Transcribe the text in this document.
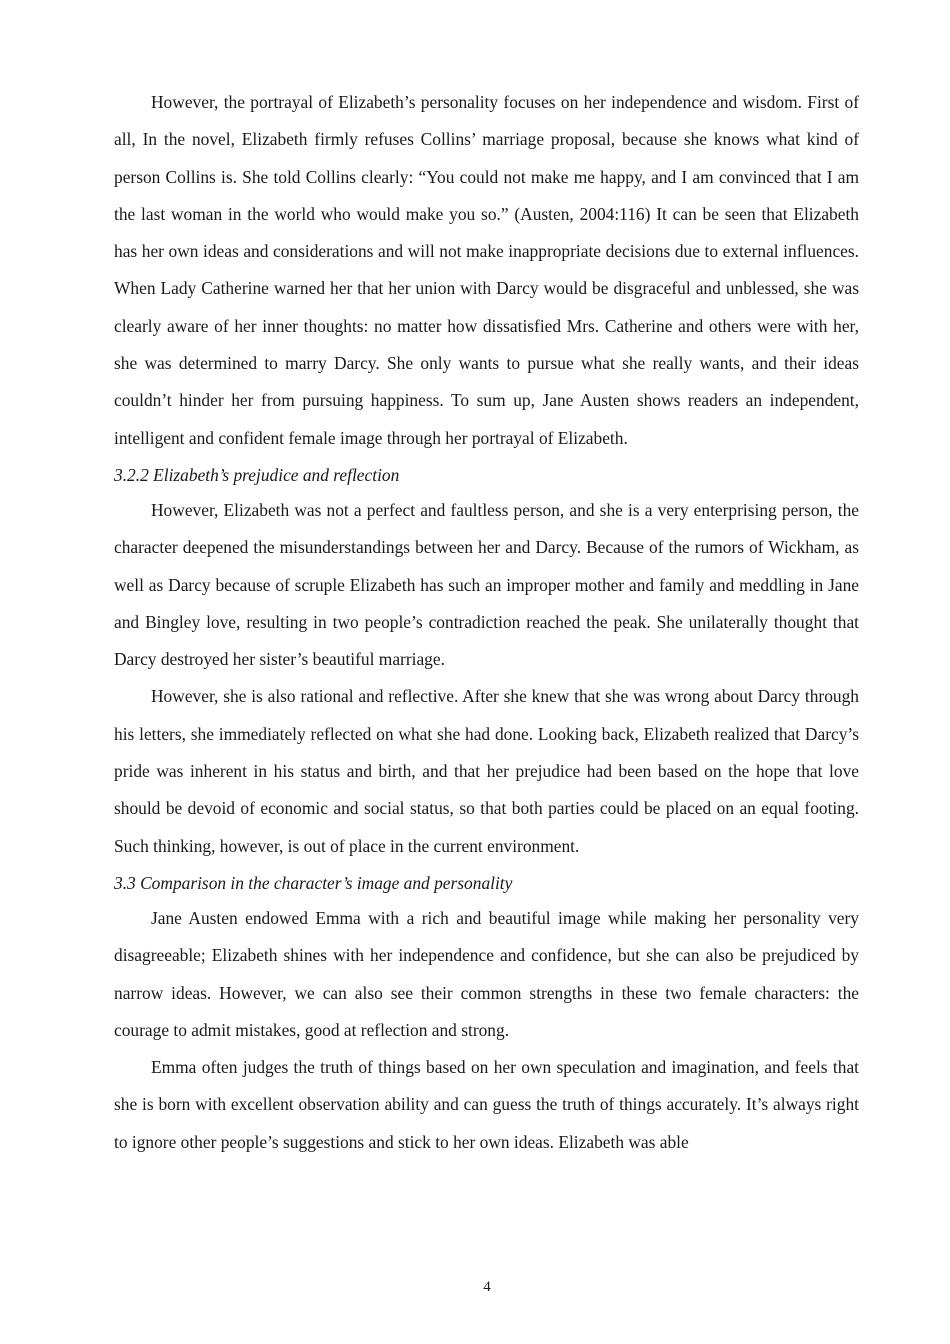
However, the portrayal of Elizabeth’s personality focuses on her independence and wisdom. First of all, In the novel, Elizabeth firmly refuses Collins’ marriage proposal, because she knows what kind of person Collins is. She told Collins clearly: “You could not make me happy, and I am convinced that I am the last woman in the world who would make you so.” (Austen, 2004:116) It can be seen that Elizabeth has her own ideas and considerations and will not make inappropriate decisions due to external influences. When Lady Catherine warned her that her union with Darcy would be disgraceful and unblessed, she was clearly aware of her inner thoughts: no matter how dissatisfied Mrs. Catherine and others were with her, she was determined to marry Darcy. She only wants to pursue what she really wants, and their ideas couldn’t hinder her from pursuing happiness. To sum up, Jane Austen shows readers an independent, intelligent and confident female image through her portrayal of Elizabeth.

3.2.2 Elizabeth’s prejudice and reflection

However, Elizabeth was not a perfect and faultless person, and she is a very enterprising person, the character deepened the misunderstandings between her and Darcy. Because of the rumors of Wickham, as well as Darcy because of scruple Elizabeth has such an improper mother and family and meddling in Jane and Bingley love, resulting in two people’s contradiction reached the peak. She unilaterally thought that Darcy destroyed her sister’s beautiful marriage.

However, she is also rational and reflective. After she knew that she was wrong about Darcy through his letters, she immediately reflected on what she had done. Looking back, Elizabeth realized that Darcy’s pride was inherent in his status and birth, and that her prejudice had been based on the hope that love should be devoid of economic and social status, so that both parties could be placed on an equal footing. Such thinking, however, is out of place in the current environment.

3.3 Comparison in the character’s image and personality

Jane Austen endowed Emma with a rich and beautiful image while making her personality very disagreeable; Elizabeth shines with her independence and confidence, but she can also be prejudiced by narrow ideas. However, we can also see their common strengths in these two female characters: the courage to admit mistakes, good at reflection and strong.

Emma often judges the truth of things based on her own speculation and imagination, and feels that she is born with excellent observation ability and can guess the truth of things accurately. It’s always right to ignore other people’s suggestions and stick to her own ideas. Elizabeth was able

4
